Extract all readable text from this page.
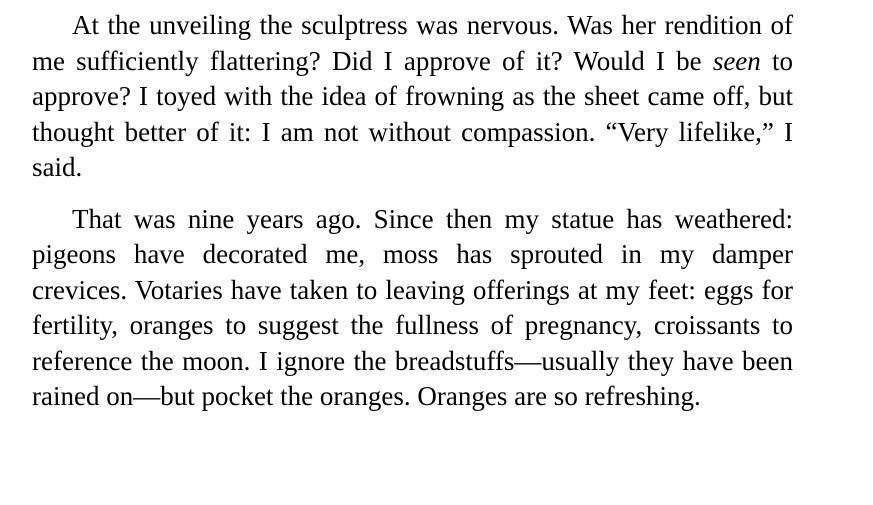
At the unveiling the sculptress was nervous. Was her rendition of me sufficiently flattering? Did I approve of it? Would I be seen to approve? I toyed with the idea of frowning as the sheet came off, but thought better of it: I am not without compassion. “Very lifelike,” I said.

That was nine years ago. Since then my statue has weathered: pigeons have decorated me, moss has sprouted in my damper crevices. Votaries have taken to leaving offerings at my feet: eggs for fertility, oranges to suggest the fullness of pregnancy, croissants to reference the moon. I ignore the breadstuffs—usually they have been rained on—but pocket the oranges. Oranges are so refreshing.
